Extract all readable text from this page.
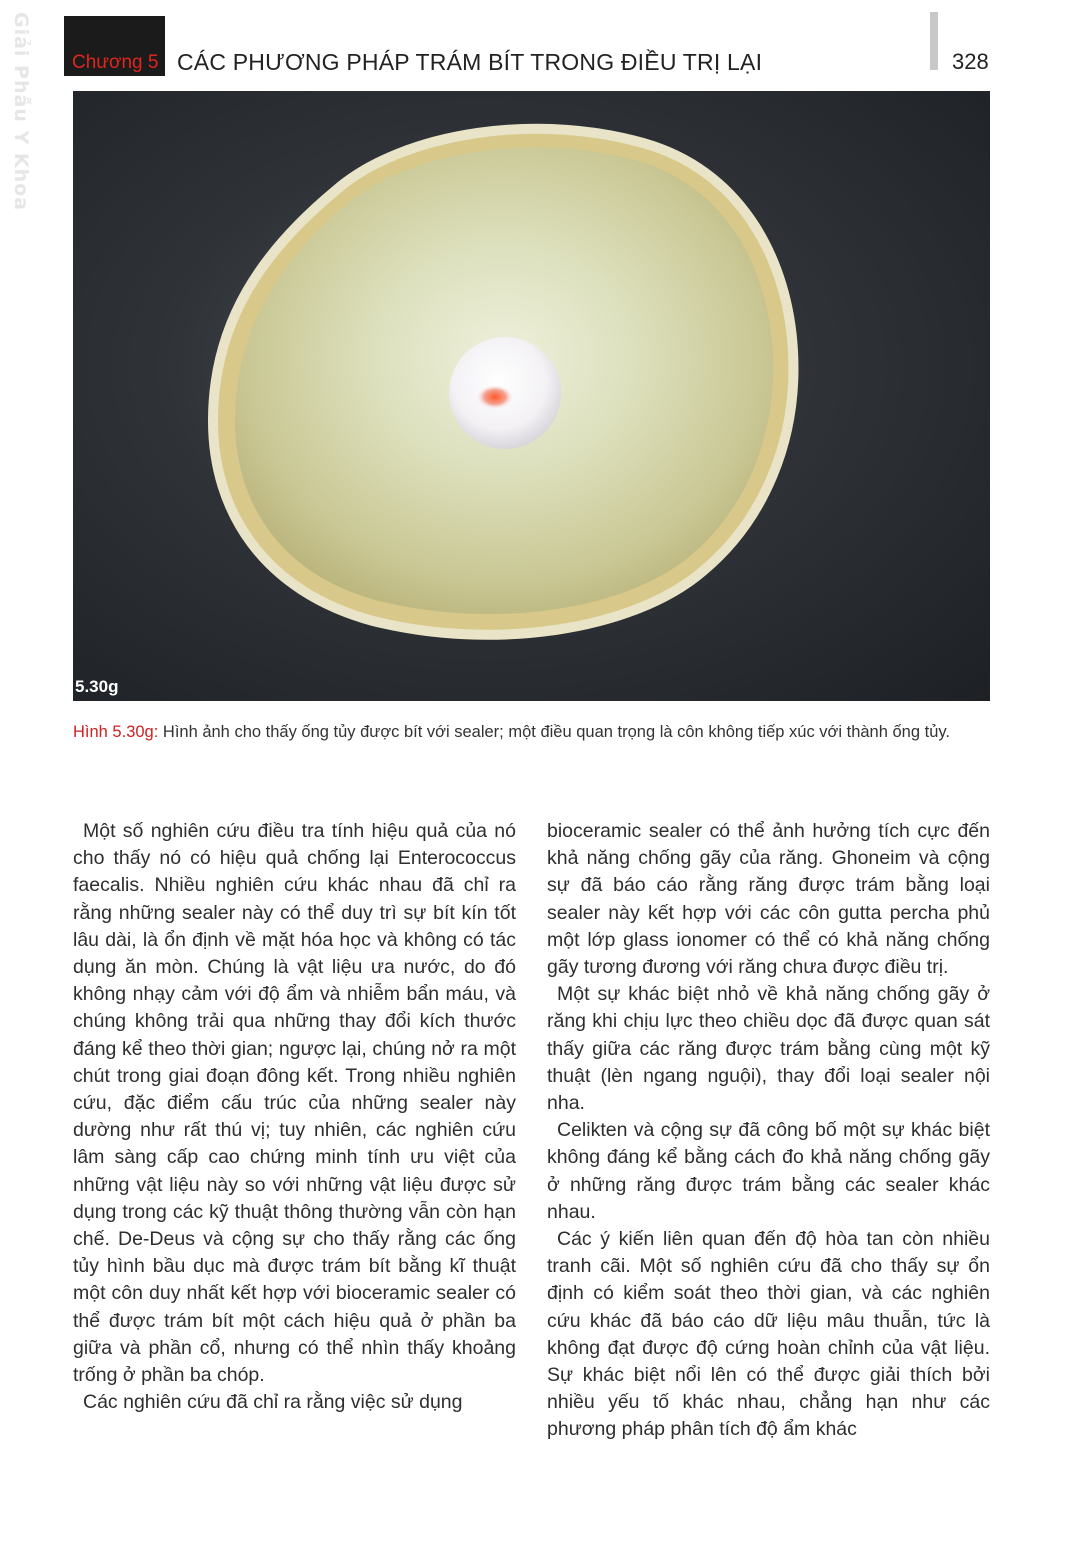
Giải Phẫu Y Khoa Chương 5 CÁC PHƯƠNG PHÁP TRÁM BÍT TRONG ĐIỀU TRỊ LẠI	328
5.30g
Hình 5.30g: Hình ảnh cho thấy ống tủy được bít với sealer; một điều quan trọng là côn không tiếp xúc với thành ống tủy.

Một số nghiên cứu điều tra tính hiệu quả của nó cho thấy nó có hiệu quả chống lại Enterococcus faecalis. Nhiều nghiên cứu khác nhau đã chỉ ra rằng những sealer này có thể duy trì sự bít kín tốt lâu dài, là ổn định về mặt hóa học và không có tác dụng ăn mòn. Chúng là vật liệu ưa nước, do đó không nhạy cảm với độ ẩm và nhiễm bẩn máu, và chúng không trải qua những thay đổi kích thước đáng kể theo thời gian; ngược lại, chúng nở ra một chút trong giai đoạn đông kết. Trong nhiều nghiên cứu, đặc điểm cấu trúc của những sealer này dường như rất thú vị; tuy nhiên, các nghiên cứu lâm sàng cấp cao chứng minh tính ưu việt của những vật liệu này so với những vật liệu được sử dụng trong các kỹ thuật thông thường vẫn còn hạn chế. De-Deus và cộng sự cho thấy rằng các ống tủy hình bầu dục mà được trám bít bằng kĩ thuật một côn duy nhất kết hợp với bioceramic sealer có thể được trám bít một cách hiệu quả ở phần ba giữa và phần cổ, nhưng có thể nhìn thấy khoảng trống ở phần ba chóp.

Các nghiên cứu đã chỉ ra rằng việc sử dụng

bioceramic sealer có thể ảnh hưởng tích cực đến khả năng chống gãy của răng. Ghoneim và cộng sự đã báo cáo rằng răng được trám bằng loại sealer này kết hợp với các côn gutta percha phủ một lớp glass ionomer có thể có khả năng chống gãy tương đương với răng chưa được điều trị.

Một sự khác biệt nhỏ về khả năng chống gãy ở răng khi chịu lực theo chiều dọc đã được quan sát thấy giữa các răng được trám bằng cùng một kỹ thuật (lèn ngang nguội), thay đổi loại sealer nội nha.

Celikten và cộng sự đã công bố một sự khác biệt không đáng kể bằng cách đo khả năng chống gãy ở những răng được trám bằng các sealer khác nhau.

Các ý kiến liên quan đến độ hòa tan còn nhiều tranh cãi. Một số nghiên cứu đã cho thấy sự ổn định có kiểm soát theo thời gian, và các nghiên cứu khác đã báo cáo dữ liệu mâu thuẫn, tức là không đạt được độ cứng hoàn chỉnh của vật liệu. Sự khác biệt nổi lên có thể được giải thích bởi nhiều yếu tố khác nhau, chẳng hạn như các phương pháp phân tích độ ẩm khác
